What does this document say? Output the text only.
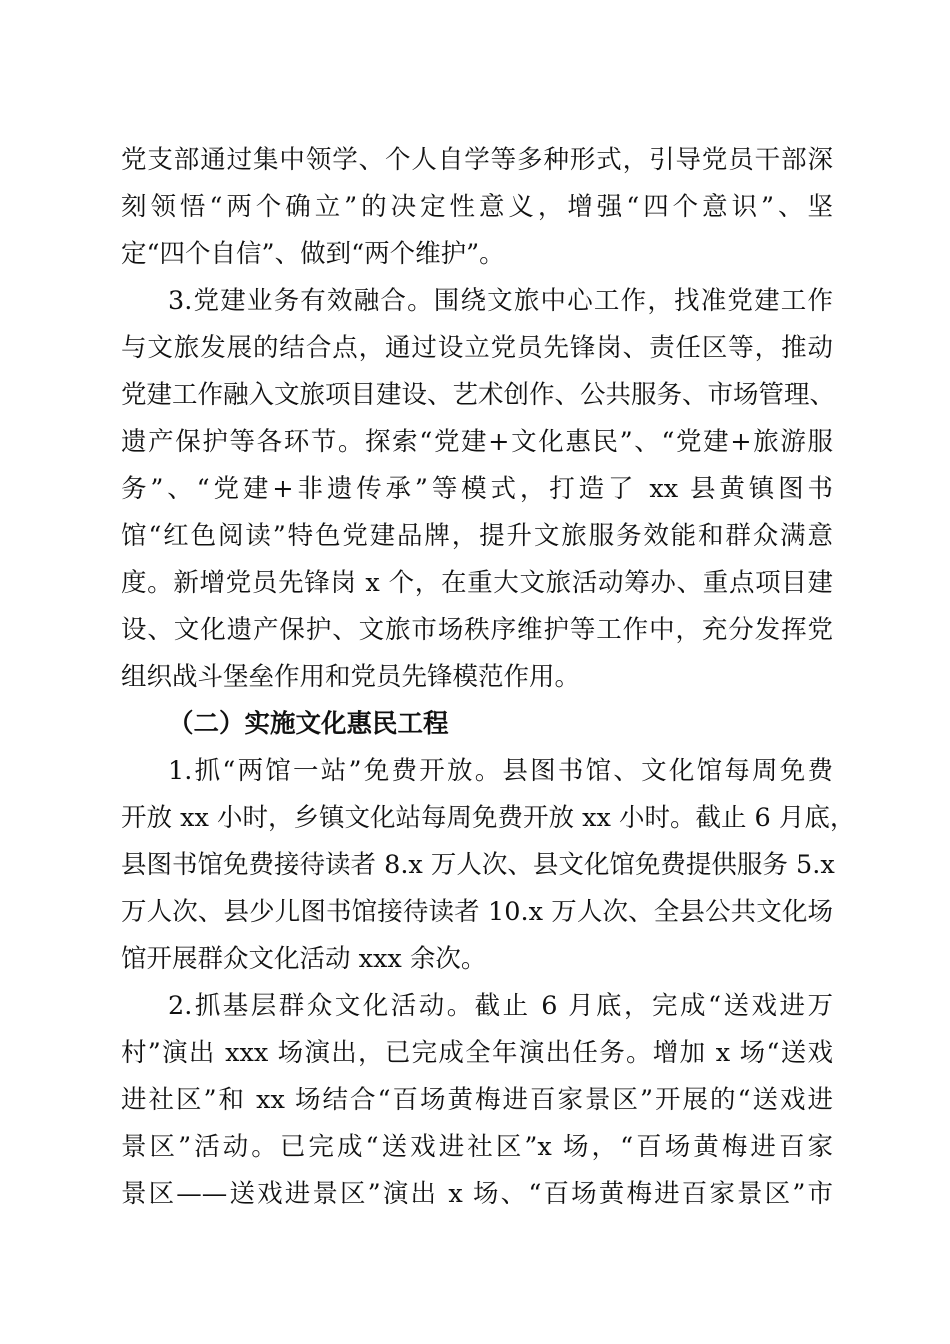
党支部通过集中领学、个人自学等多种形式，引导党员干部深
刻领悟“两个确立”的决定性意义，增强“四个意识”、坚
定“四个自信”、做到“两个维护”。
3.党建业务有效融合。围绕文旅中心工作，找准党建工作
与文旅发展的结合点，通过设立党员先锋岗、责任区等，推动
党建工作融入文旅项目建设、艺术创作、公共服务、市场管理、
遗产保护等各环节。探索“党建+文化惠民”、“党建+旅游服
务”、“党建+非遗传承”等模式，打造了 xx 县黄镇图书
馆“红色阅读”特色党建品牌，提升文旅服务效能和群众满意
度。新增党员先锋岗 x 个，在重大文旅活动筹办、重点项目建
设、文化遗产保护、文旅市场秩序维护等工作中，充分发挥党
组织战斗堡垒作用和党员先锋模范作用。
（二）实施文化惠民工程
1.抓“两馆一站”免费开放。县图书馆、文化馆每周免费
开放 xx 小时，乡镇文化站每周免费开放 xx 小时。截止 6 月底，
县图书馆免费接待读者 8.x 万人次、县文化馆免费提供服务 5.x
万人次、县少儿图书馆接待读者 10.x 万人次、全县公共文化场
馆开展群众文化活动 xxx 余次。
2.抓基层群众文化活动。截止 6 月底，完成“送戏进万
村”演出 xxx 场演出，已完成全年演出任务。增加 x 场“送戏
进社区”和 xx 场结合“百场黄梅进百家景区”开展的“送戏进
景区”活动。已完成“送戏进社区”x 场，“百场黄梅进百家
景区——送戏进景区”演出 x 场、“百场黄梅进百家景区”市
